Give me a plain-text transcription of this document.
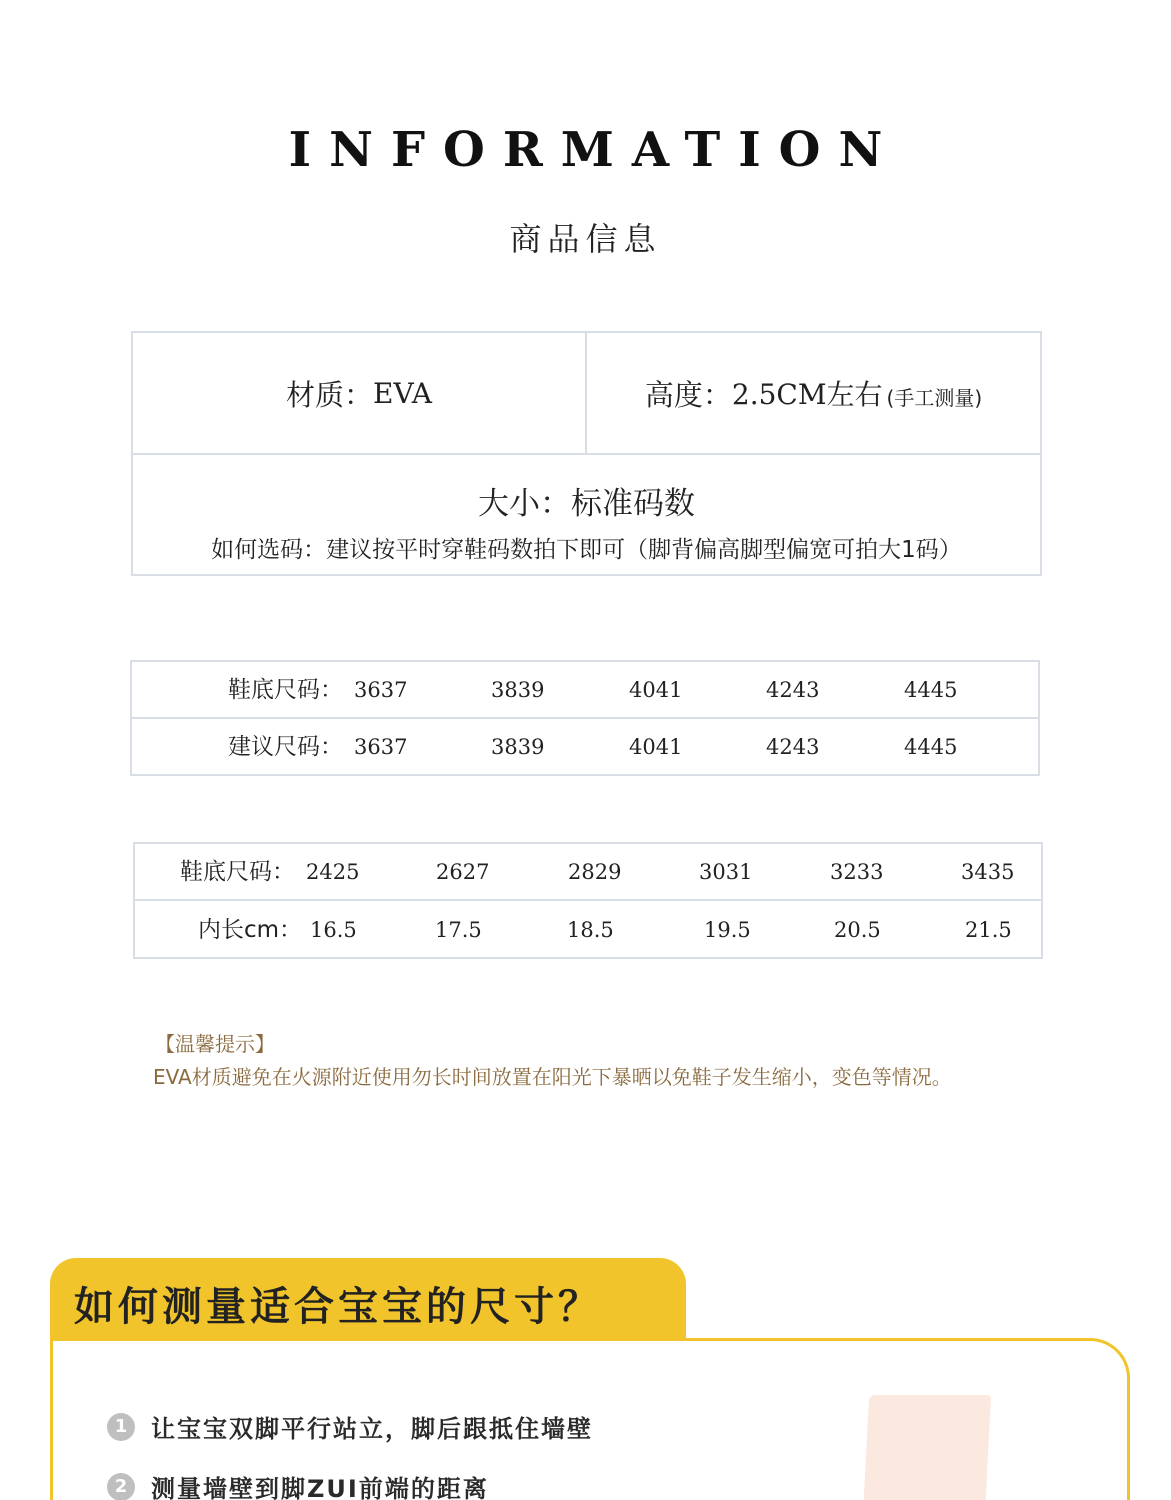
INFORMATION
商品信息
材质： EVA	高度： 2.5CM左右 (手工测量)
大小：标准码数
如何选码：建议按平时穿鞋码数拍下即可（脚背偏高脚型偏宽可拍大1码）
鞋底尺码： 3637	3839	4041	4243	4445
建议尺码： 3637	3839	4041	4243	4445
鞋底尺码： 2425	2627	2829	3031	3233	3435
内长cm： 16.5	17.5	18.5	19.5	20.5	21.5
【温馨提示】
EVA材质避免在火源附近使用勿长时间放置在阳光下暴晒以免鞋子发生缩小，变色等情况。
如何测量适合宝宝的尺寸？
1 让宝宝双脚平行站立，脚后跟抵住墙壁
2 测量墙壁到脚ZUI前端的距离
